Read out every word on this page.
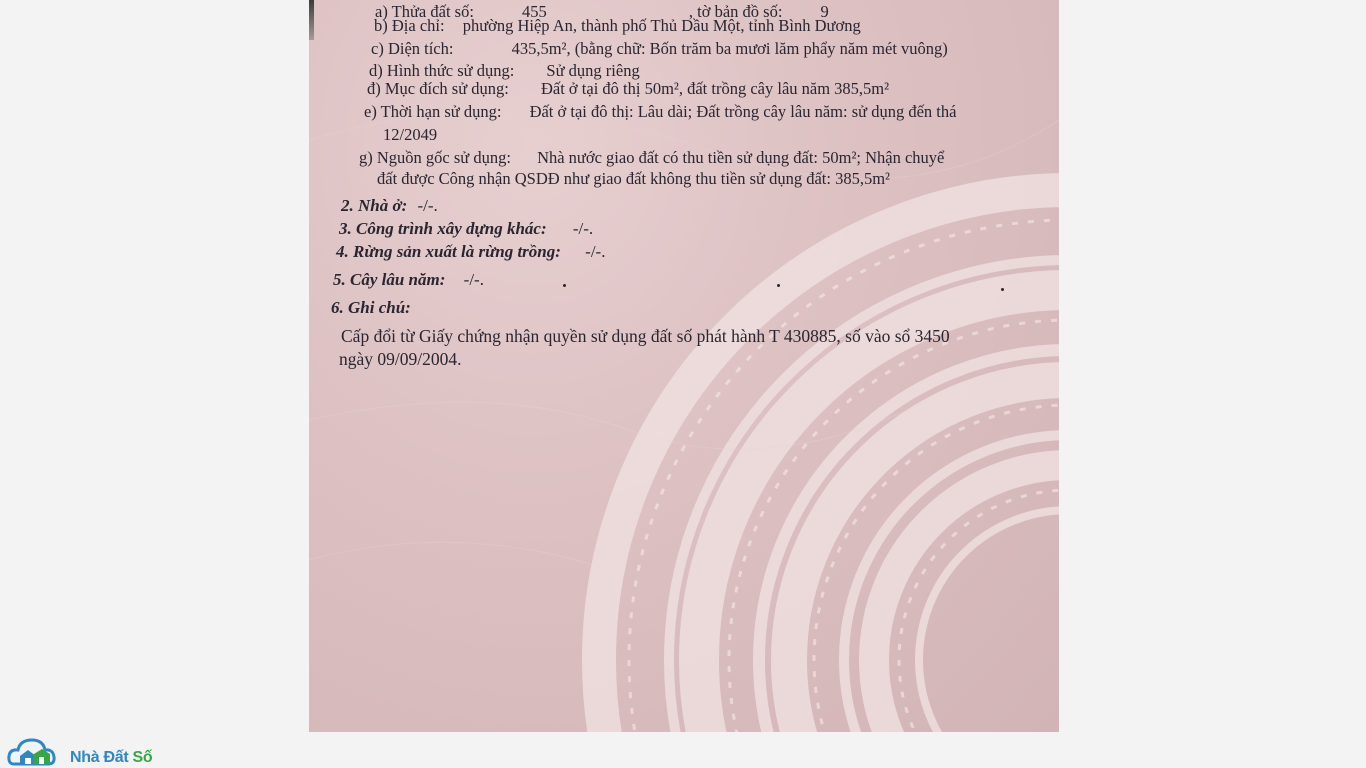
a) Thửa đất số:	455	, tờ bản đồ số: 9
b) Địa chỉ: phường Hiệp An, thành phố Thủ Dầu Một, tỉnh Bình Dương
c) Diện tích:	435,5m², (bằng chữ: Bốn trăm ba mươi lăm phẩy năm mét vuông)
d) Hình thức sử dụng: Sử dụng riêng
đ) Mục đích sử dụng: Đất ở tại đô thị 50m², đất trồng cây lâu năm 385,5m²
e) Thời hạn sử dụng: Đất ở tại đô thị: Lâu dài; Đất trồng cây lâu năm: sử dụng đến thá
12/2049
g) Nguồn gốc sử dụng: Nhà nước giao đất có thu tiền sử dụng đất: 50m²; Nhận chuyể
đất được Công nhận QSDĐ như giao đất không thu tiền sử dụng đất: 385,5m²
2. Nhà ở: -/-.
3. Công trình xây dựng khác: -/-.
4. Rừng sản xuất là rừng trồng: -/-.
5. Cây lâu năm: -/-.
6. Ghi chú:
Cấp đổi từ Giấy chứng nhận quyền sử dụng đất số phát hành T 430885, số vào sổ 3450
ngày 09/09/2004.
Nhà Đất Số
